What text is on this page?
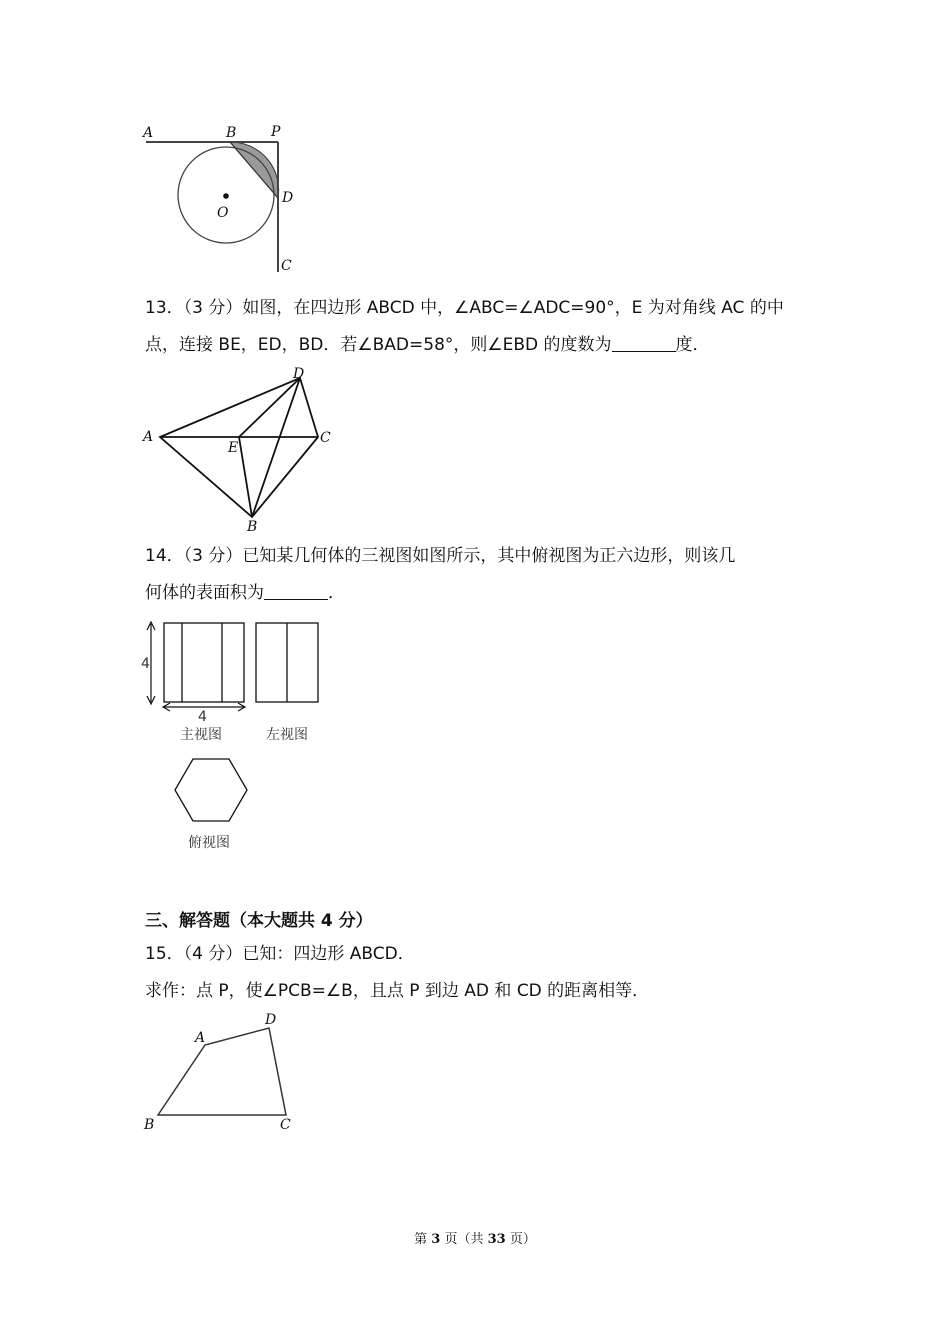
A	B P
D
O
C
13．（3 分）如图，在四边形 ABCD 中，∠ABC=∠ADC=90°，E 为对角线 AC 的中
点，连接 BE，ED，BD．若∠BAD=58°，则∠EBD 的度数为	度．
A
D
C
E
B
14．（3 分）已知某几何体的三视图如图所示，其中俯视图为正六边形，则该几
何体的表面积为	．
4
4
主视图	左视图
俯视图
三、解答题（本大题共 4 分）
15．（4 分）已知：四边形 ABCD．
求作：点 P，使∠PCB=∠B，且点 P 到边 AD 和 CD 的距离相等．
A
D
B	C
第 3 页（共 33 页）
